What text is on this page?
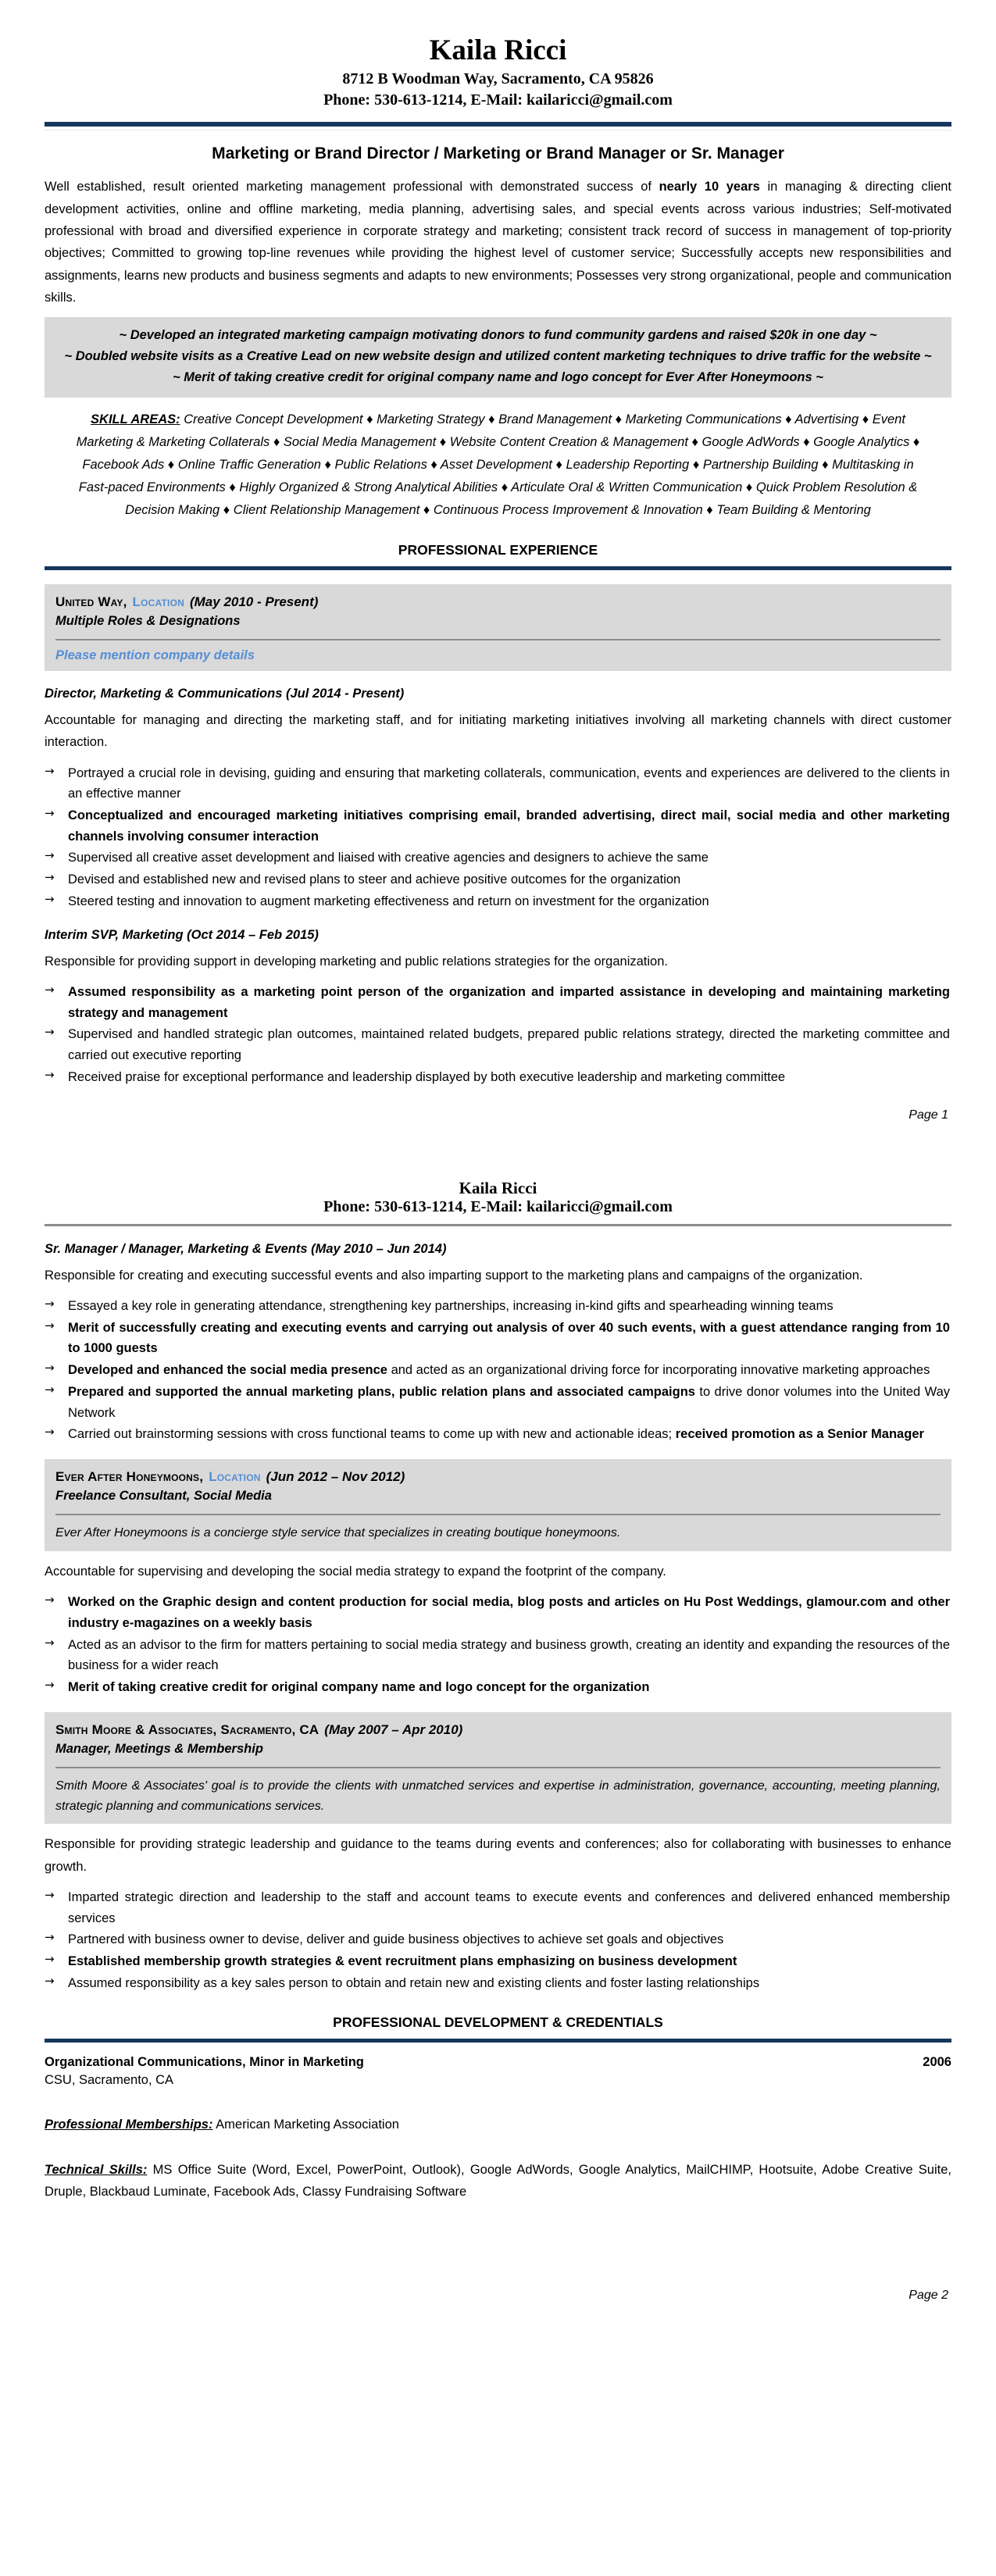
Kaila Ricci
8712 B Woodman Way, Sacramento, CA 95826
Phone: 530-613-1214, E-Mail: kailaricci@gmail.com
Marketing or Brand Director / Marketing or Brand Manager or Sr. Manager
Well established, result oriented marketing management professional with demonstrated success of nearly 10 years in managing & directing client development activities, online and offline marketing, media planning, advertising sales, and special events across various industries; Self-motivated professional with broad and diversified experience in corporate strategy and marketing; consistent track record of success in management of top-priority objectives; Committed to growing top-line revenues while providing the highest level of customer service; Successfully accepts new responsibilities and assignments, learns new products and business segments and adapts to new environments; Possesses very strong organizational, people and communication skills.
~ Developed an integrated marketing campaign motivating donors to fund community gardens and raised $20k in one day ~
~ Doubled website visits as a Creative Lead on new website design and utilized content marketing techniques to drive traffic for the website ~
~ Merit of taking creative credit for original company name and logo concept for Ever After Honeymoons ~
SKILL AREAS: Creative Concept Development ♦ Marketing Strategy ♦ Brand Management ♦ Marketing Communications ♦ Advertising ♦ Event Marketing & Marketing Collaterals ♦ Social Media Management ♦ Website Content Creation & Management ♦ Google AdWords ♦ Google Analytics ♦ Facebook Ads ♦ Online Traffic Generation ♦ Public Relations ♦ Asset Development ♦ Leadership Reporting ♦ Partnership Building ♦ Multitasking in Fast-paced Environments ♦ Highly Organized & Strong Analytical Abilities ♦ Articulate Oral & Written Communication ♦ Quick Problem Resolution & Decision Making ♦ Client Relationship Management ♦ Continuous Process Improvement & Innovation ♦ Team Building & Mentoring
PROFESSIONAL EXPERIENCE
United Way, Location (May 2010 - Present)
Multiple Roles & Designations
Please mention company details
Director, Marketing & Communications (Jul 2014 - Present)
Accountable for managing and directing the marketing staff, and for initiating marketing initiatives involving all marketing channels with direct customer interaction.
→	Portrayed a crucial role in devising, guiding and ensuring that marketing collaterals, communication, events and experiences are delivered to the clients in an effective manner
→	Conceptualized and encouraged marketing initiatives comprising email, branded advertising, direct mail, social media and other marketing channels involving consumer interaction
→	Supervised all creative asset development and liaised with creative agencies and designers to achieve the same
→	Devised and established new and revised plans to steer and achieve positive outcomes for the organization
→	Steered testing and innovation to augment marketing effectiveness and return on investment for the organization
Interim SVP, Marketing (Oct 2014 – Feb 2015)
Responsible for providing support in developing marketing and public relations strategies for the organization.
→	Assumed responsibility as a marketing point person of the organization and imparted assistance in developing and maintaining marketing strategy and management
→	Supervised and handled strategic plan outcomes, maintained related budgets, prepared public relations strategy, directed the marketing committee and carried out executive reporting
→	Received praise for exceptional performance and leadership displayed by both executive leadership and marketing committee
Page 1
Kaila Ricci
Phone: 530-613-1214, E-Mail: kailaricci@gmail.com
Sr. Manager / Manager, Marketing & Events (May 2010 – Jun 2014)
Responsible for creating and executing successful events and also imparting support to the marketing plans and campaigns of the organization.
→	Essayed a key role in generating attendance, strengthening key partnerships, increasing in-kind gifts and spearheading winning teams
→	Merit of successfully creating and executing events and carrying out analysis of over 40 such events, with a guest attendance ranging from 10 to 1000 guests
→	Developed and enhanced the social media presence and acted as an organizational driving force for incorporating innovative marketing approaches
→	Prepared and supported the annual marketing plans, public relation plans and associated campaigns to drive donor volumes into the United Way Network
→	Carried out brainstorming sessions with cross functional teams to come up with new and actionable ideas; received promotion as a Senior Manager
Ever After Honeymoons, Location (Jun 2012 – Nov 2012)
Freelance Consultant, Social Media
Ever After Honeymoons is a concierge style service that specializes in creating boutique honeymoons.
Accountable for supervising and developing the social media strategy to expand the footprint of the company.
→	Worked on the Graphic design and content production for social media, blog posts and articles on Hu Post Weddings, glamour.com and other industry e-magazines on a weekly basis
→	Acted as an advisor to the firm for matters pertaining to social media strategy and business growth, creating an identity and expanding the resources of the business for a wider reach
→	Merit of taking creative credit for original company name and logo concept for the organization
Smith Moore & Associates, Sacramento, CA (May 2007 – Apr 2010)
Manager, Meetings & Membership
Smith Moore & Associates' goal is to provide the clients with unmatched services and expertise in administration, governance, accounting, meeting planning, strategic planning and communications services.
Responsible for providing strategic leadership and guidance to the teams during events and conferences; also for collaborating with businesses to enhance growth.
→	Imparted strategic direction and leadership to the staff and account teams to execute events and conferences and delivered enhanced membership services
→	Partnered with business owner to devise, deliver and guide business objectives to achieve set goals and objectives
→	Established membership growth strategies & event recruitment plans emphasizing on business development
→	Assumed responsibility as a key sales person to obtain and retain new and existing clients and foster lasting relationships
PROFESSIONAL DEVELOPMENT & CREDENTIALS
Organizational Communications, Minor in Marketing	2006
CSU, Sacramento, CA
Professional Memberships: American Marketing Association
Technical Skills: MS Office Suite (Word, Excel, PowerPoint, Outlook), Google AdWords, Google Analytics, MailCHIMP, Hootsuite, Adobe Creative Suite, Druple, Blackbaud Luminate, Facebook Ads, Classy Fundraising Software
Page 2
